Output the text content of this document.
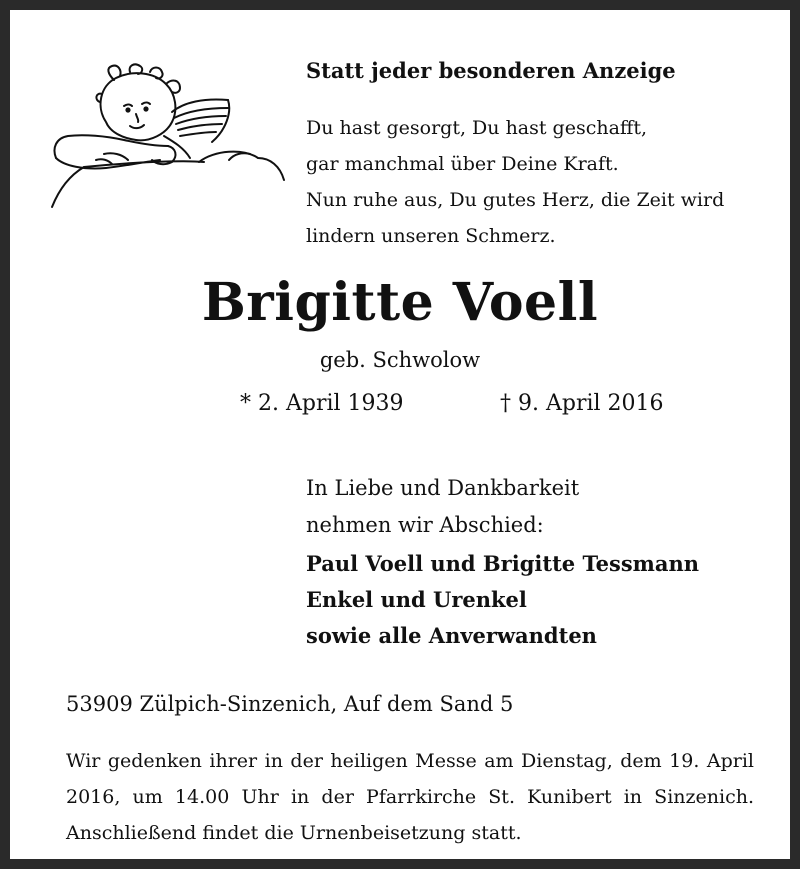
Statt jeder besonderen Anzeige

Du hast gesorgt, Du hast geschafft,
gar manchmal über Deine Kraft.
Nun ruhe aus, Du gutes Herz, die Zeit wird
lindern unseren Schmerz.

Brigitte Voell

geb. Schwolow

* 2. April 1939	† 9. April 2016

In Liebe und Dankbarkeit
nehmen wir Abschied:
Paul Voell und Brigitte Tessmann
Enkel und Urenkel
sowie alle Anverwandten

53909 Zülpich-Sinzenich, Auf dem Sand 5

Wir gedenken ihrer in der heiligen Messe am Dienstag, dem 19. April 2016, um 14.00 Uhr in der Pfarrkirche St. Kunibert in Sinzenich. Anschließend findet die Urnenbeisetzung statt.
